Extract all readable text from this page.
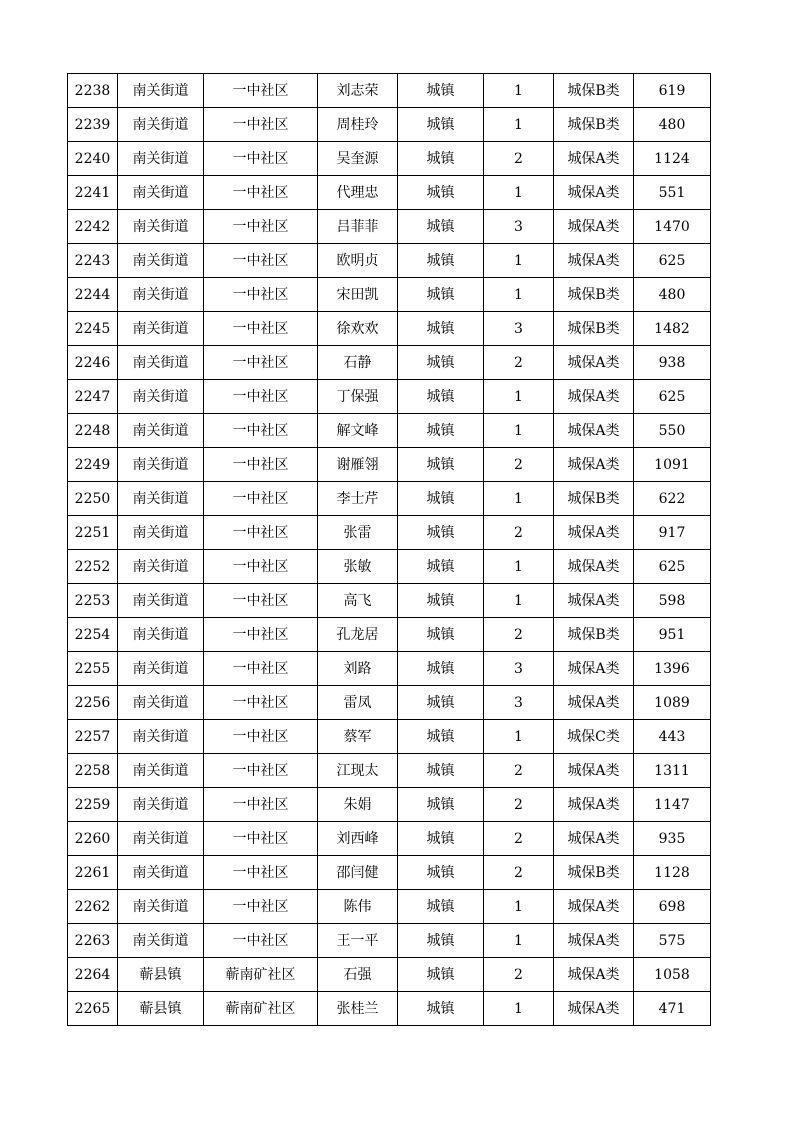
2238	南关街道	一中社区	刘志荣	城镇	1	城保B类	619
2239	南关街道	一中社区	周桂玲	城镇	1	城保B类	480
2240	南关街道	一中社区	吴奎源	城镇	2	城保A类	1124
2241	南关街道	一中社区	代理忠	城镇	1	城保A类	551
2242	南关街道	一中社区	吕菲菲	城镇	3	城保A类	1470
2243	南关街道	一中社区	欧明贞	城镇	1	城保A类	625
2244	南关街道	一中社区	宋田凯	城镇	1	城保B类	480
2245	南关街道	一中社区	徐欢欢	城镇	3	城保B类	1482
2246	南关街道	一中社区	石静	城镇	2	城保A类	938
2247	南关街道	一中社区	丁保强	城镇	1	城保A类	625
2248	南关街道	一中社区	解文峰	城镇	1	城保A类	550
2249	南关街道	一中社区	谢雁翎	城镇	2	城保A类	1091
2250	南关街道	一中社区	李士芹	城镇	1	城保B类	622
2251	南关街道	一中社区	张雷	城镇	2	城保A类	917
2252	南关街道	一中社区	张敏	城镇	1	城保A类	625
2253	南关街道	一中社区	高飞	城镇	1	城保A类	598
2254	南关街道	一中社区	孔龙居	城镇	2	城保B类	951
2255	南关街道	一中社区	刘路	城镇	3	城保A类	1396
2256	南关街道	一中社区	雷凤	城镇	3	城保A类	1089
2257	南关街道	一中社区	蔡军	城镇	1	城保C类	443
2258	南关街道	一中社区	江现太	城镇	2	城保A类	1311
2259	南关街道	一中社区	朱娟	城镇	2	城保A类	1147
2260	南关街道	一中社区	刘西峰	城镇	2	城保A类	935
2261	南关街道	一中社区	邵闫健	城镇	2	城保B类	1128
2262	南关街道	一中社区	陈伟	城镇	1	城保A类	698
2263	南关街道	一中社区	王一平	城镇	1	城保A类	575
2264	蕲县镇	蕲南矿社区	石强	城镇	2	城保A类	1058
2265	蕲县镇	蕲南矿社区	张桂兰	城镇	1	城保A类	471
